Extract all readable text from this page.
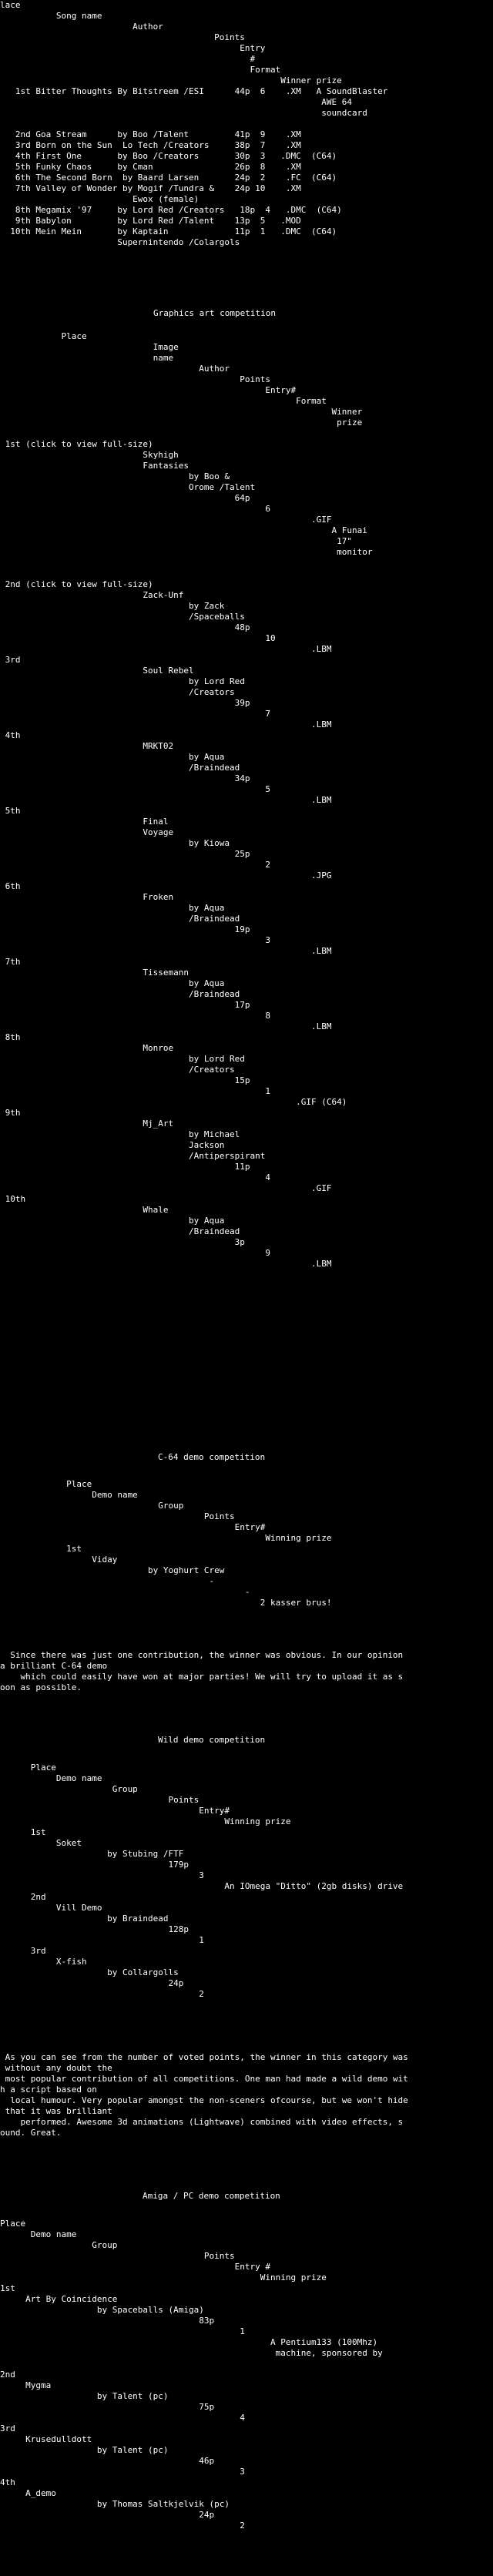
lace
Song name
Author
Points
Entry
#
Format
Winner prize
1st Bitter Thoughts By Bitstreem /ESI      44p  6    .XM   A SoundBlaster
AWE 64
soundcard

2nd Goa Stream      by Boo /Talent         41p  9    .XM
3rd Born on the Sun  Lo Tech /Creators     38p  7    .XM
4th First One       by Boo /Creators       30p  3   .DMC  (C64)
5th Funky Chaos     by Cman                26p  8    .XM
6th The Second Born  by Baard Larsen       24p  2    .FC  (C64)
7th Valley of Wonder by Mogif /Tundra &    24p 10    .XM
Ewox (female)
8th Megamix '97     by Lord Red /Creators   18p  4   .DMC  (C64)
9th Babylon         by Lord Red /Talent    13p  5   .MOD
10th Mein Mein       by Kaptain             11p  1   .DMC  (C64)
Supernintendo /Colargols
Graphics art competition
Place
Image
name
Author
Points
Entry#
Format
Winner
prize

1st (click to view full-size)
Skyhigh
Fantasies
by Boo &
Orome /Talent
64p
6
.GIF
A Funai
17"
monitor

2nd (click to view full-size)
Zack-Unf
by Zack
/Spaceballs
48p
10
.LBM
3rd
Soul Rebel
by Lord Red
/Creators
39p
7
.LBM
4th
MRKT02
by Aqua
/Braindead
34p
5
.LBM
5th
Final
Voyage
by Kiowa
25p
2
.JPG
6th
Froken
by Aqua
/Braindead
19p
3
.LBM
7th
Tissemann
by Aqua
/Braindead
17p
8
.LBM
8th
Monroe
by Lord Red
/Creators
15p
1
.GIF (C64)
9th
Mj_Art
by Michael
Jackson
/Antiperspirant
11p
4
.GIF
10th
Whale
by Aqua
/Braindead
3p
9
.LBM
C-64 demo competition
Place
Demo name
Group
Points
Entry#
Winning prize
1st
Viday
by Yoghurt Crew
-
-
2 kasser brus!
Since there was just one contribution, the winner was obvious. In our opinion
a brilliant C-64 demo
which could easily have won at major parties! We will try to upload it as s
oon as possible.
Wild demo competition
Place
Demo name
Group
Points
Entry#
Winning prize
1st
Soket
by Stubing /FTF
179p
3
An IOmega "Ditto" (2gb disks) drive
2nd
Vill Demo
by Braindead
128p
1
3rd
X-fish
by Collargolls
24p
2
As you can see from the number of voted points, the winner in this category was
without any doubt the
most popular contribution of all competitions. One man had made a wild demo wit
h a script based on
local humour. Very popular amongst the non-sceners ofcourse, but we won't hide
that it was brilliant
performed. Awesome 3d animations (Lightwave) combined with video effects, s
ound. Great.
Amiga / PC demo competition
Place
Demo name
Group
Points
Entry #
Winning prize
1st
Art By Coincidence
by Spaceballs (Amiga)
83p
1
A Pentium133 (100Mhz)
machine, sponsored by

2nd
Mygma
by Talent (pc)
75p
4
3rd
Krusedulldott
by Talent (pc)
46p
3
4th
A_demo
by Thomas Saltkjelvik (pc)
24p
2
